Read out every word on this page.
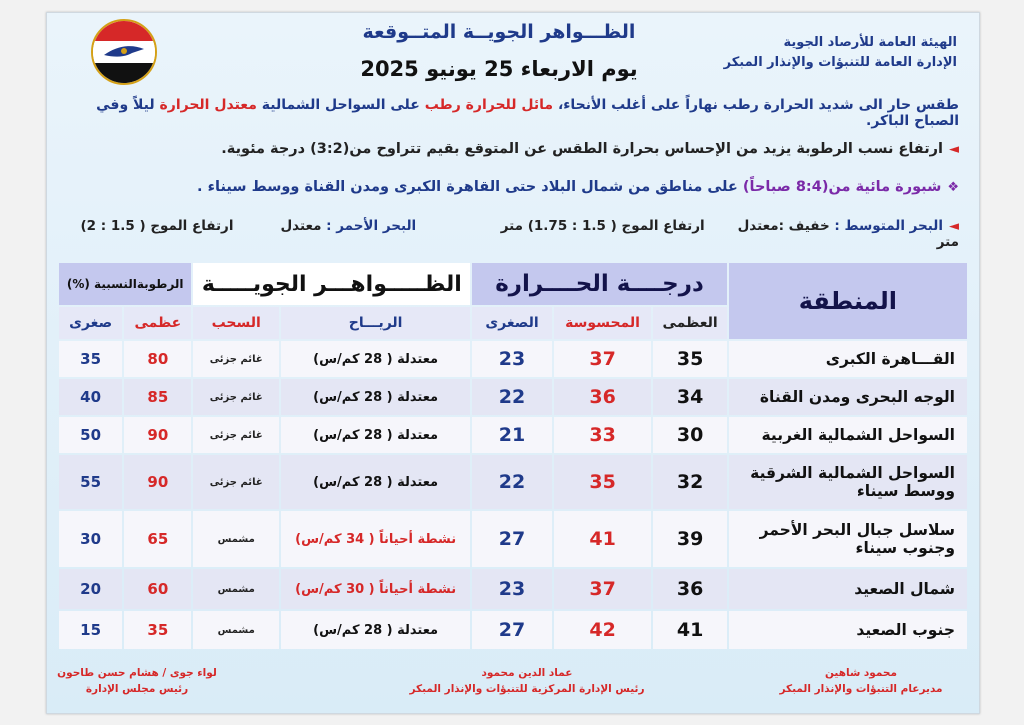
الظـــواهر الجويــة المتــوقعة
يوم الاربعاء 25 يونيو 2025
الهيئة العامة للأرصاد الجوية
الإدارة العامة للتنبؤات والإنذار المبكر
طقس حار الى شديد الحرارة رطب نهاراً على أغلب الأنحاء، مائل للحرارة رطب على السواحل الشمالية معتدل الحرارة ليلاً وفي الصباح الباكر.
◄ارتفاع نسب الرطوبة يزيد من الإحساس بحرارة الطقس عن المتوقع بقيم تتراوح من(3:2) درجة مئوية.
❖شبورة مائية من(8:4 صباحاً) على مناطق من شمال البلاد حتى القاهرة الكبرى ومدن القناة ووسط سيناء .
◄البحر المتوسط : خفيف :معتدل       ارتفاع الموج ( 1.5 : 1.75) متر                  البحر الأحمر : معتدل          ارتفاع الموج ( 1.5 : 2) متر
المنطقة	درجــــة الحــــرارة			الظـــــواهـــر الجويـــــة		الرطوبةالنسبية (%)	
	العظمى	المحسوسة	الصغرى	الريـــاح	السحب	عظمى	صغرى
القـــاهرة الكبرى	35	37	23	معتدلة ( 28 كم/س)	غائم جزئى	80	35
الوجه البحرى ومدن القناة	34	36	22	معتدلة ( 28 كم/س)	غائم جزئى	85	40
السواحل الشمالية الغربية	30	33	21	معتدلة ( 28 كم/س)	غائم جزئى	90	50
السواحل الشمالية الشرقية ووسط سيناء	32	35	22	معتدلة ( 28 كم/س)	غائم جزئى	90	55
سلاسل جبال البحر الأحمر وجنوب سيناء	39	41	27	نشطة أحياناً ( 34 كم/س)	مشمس	65	30
شمال الصعيد	36	37	23	نشطة أحياناً ( 30 كم/س)	مشمس	60	20
جنوب الصعيد	41	42	27	معتدلة ( 28 كم/س)	مشمس	35	15
محمود شاهين
مديرعام التنبؤات والإنذار المبكر
عماد الدين محمود
رئيس الإدارة المركزية للتنبؤات والإنذار المبكر
لواء جوى / هشام حسن طاحون
رئيس مجلس الإدارة
